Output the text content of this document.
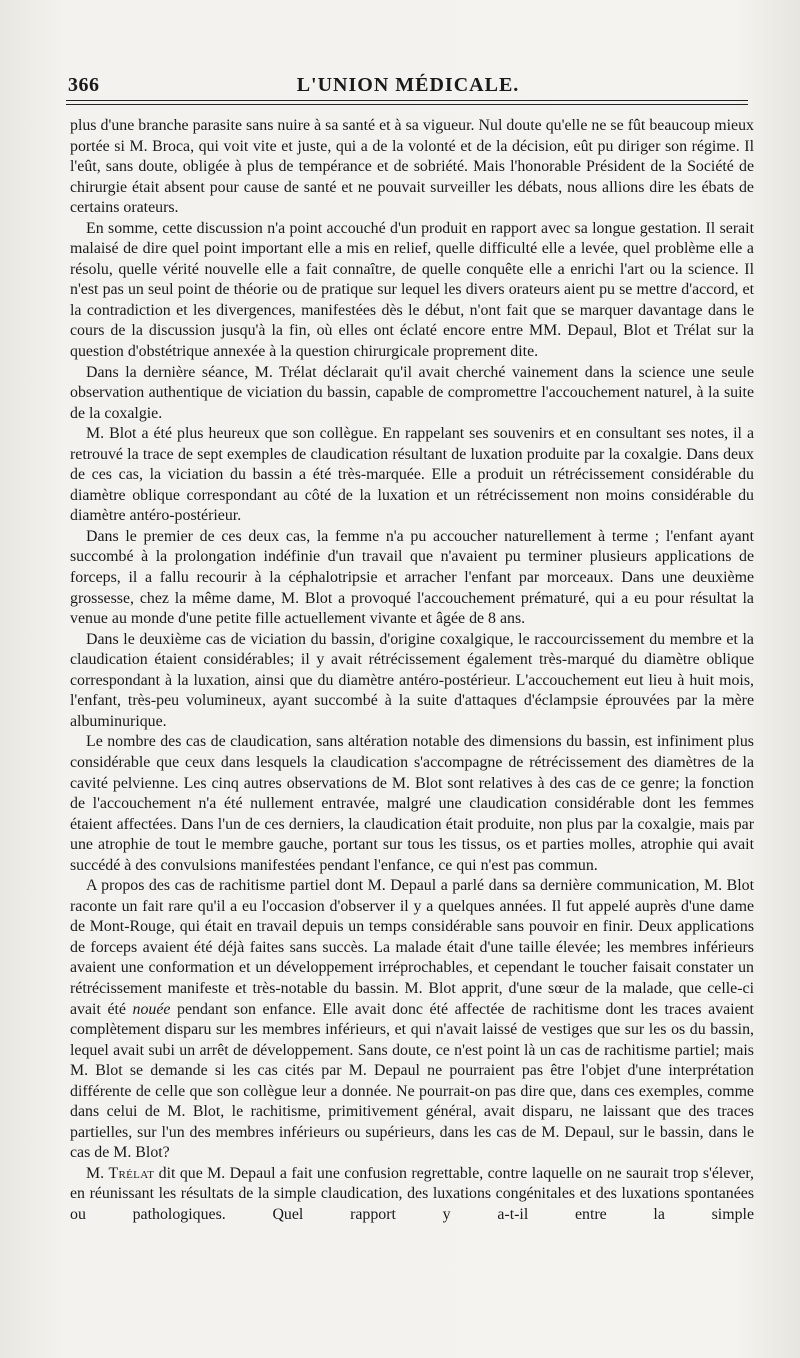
366	L'UNION MÉDICALE.

plus d'une branche parasite sans nuire à sa santé et à sa vigueur. Nul doute qu'elle ne se fût beaucoup mieux portée si M. Broca, qui voit vite et juste, qui a de la volonté et de la décision, eût pu diriger son régime. Il l'eût, sans doute, obligée à plus de tempérance et de sobriété. Mais l'honorable Président de la Société de chirurgie était absent pour cause de santé et ne pouvait surveiller les débats, nous allions dire les ébats de certains orateurs.

En somme, cette discussion n'a point accouché d'un produit en rapport avec sa longue gestation. Il serait malaisé de dire quel point important elle a mis en relief, quelle difficulté elle a levée, quel problème elle a résolu, quelle vérité nouvelle elle a fait connaître, de quelle conquête elle a enrichi l'art ou la science. Il n'est pas un seul point de théorie ou de pratique sur lequel les divers orateurs aient pu se mettre d'accord, et la contradiction et les divergences, manifestées dès le début, n'ont fait que se marquer davantage dans le cours de la discussion jusqu'à la fin, où elles ont éclaté encore entre MM. Depaul, Blot et Trélat sur la question d'obstétrique annexée à la question chirurgicale proprement dite.

Dans la dernière séance, M. Trélat déclarait qu'il avait cherché vainement dans la science une seule observation authentique de viciation du bassin, capable de compromettre l'accouchement naturel, à la suite de la coxalgie.

M. Blot a été plus heureux que son collègue. En rappelant ses souvenirs et en consultant ses notes, il a retrouvé la trace de sept exemples de claudication résultant de luxation produite par la coxalgie. Dans deux de ces cas, la viciation du bassin a été très-marquée. Elle a produit un rétrécissement considérable du diamètre oblique correspondant au côté de la luxation et un rétrécissement non moins considérable du diamètre antéro-postérieur.

Dans le premier de ces deux cas, la femme n'a pu accoucher naturellement à terme ; l'enfant ayant succombé à la prolongation indéfinie d'un travail que n'avaient pu terminer plusieurs applications de forceps, il a fallu recourir à la céphalotripsie et arracher l'enfant par morceaux. Dans une deuxième grossesse, chez la même dame, M. Blot a provoqué l'accouchement prématuré, qui a eu pour résultat la venue au monde d'une petite fille actuellement vivante et âgée de 8 ans.

Dans le deuxième cas de viciation du bassin, d'origine coxalgique, le raccourcissement du membre et la claudication étaient considérables; il y avait rétrécissement également très-marqué du diamètre oblique correspondant à la luxation, ainsi que du diamètre antéro-postérieur. L'accouchement eut lieu à huit mois, l'enfant, très-peu volumineux, ayant succombé à la suite d'attaques d'éclampsie éprouvées par la mère albuminurique.

Le nombre des cas de claudication, sans altération notable des dimensions du bassin, est infiniment plus considérable que ceux dans lesquels la claudication s'accompagne de rétrécissement des diamètres de la cavité pelvienne. Les cinq autres observations de M. Blot sont relatives à des cas de ce genre; la fonction de l'accouchement n'a été nullement entravée, malgré une claudication considérable dont les femmes étaient affectées. Dans l'un de ces derniers, la claudication était produite, non plus par la coxalgie, mais par une atrophie de tout le membre gauche, portant sur tous les tissus, os et parties molles, atrophie qui avait succédé à des convulsions manifestées pendant l'enfance, ce qui n'est pas commun.

A propos des cas de rachitisme partiel dont M. Depaul a parlé dans sa dernière communication, M. Blot raconte un fait rare qu'il a eu l'occasion d'observer il y a quelques années. Il fut appelé auprès d'une dame de Mont-Rouge, qui était en travail depuis un temps considérable sans pouvoir en finir. Deux applications de forceps avaient été déjà faites sans succès. La malade était d'une taille élevée; les membres inférieurs avaient une conformation et un développement irréprochables, et cependant le toucher faisait constater un rétrécissement manifeste et très-notable du bassin. M. Blot apprit, d'une sœur de la malade, que celle-ci avait été nouée pendant son enfance. Elle avait donc été affectée de rachitisme dont les traces avaient complètement disparu sur les membres inférieurs, et qui n'avait laissé de vestiges que sur les os du bassin, lequel avait subi un arrêt de développement. Sans doute, ce n'est point là un cas de rachitisme partiel; mais M. Blot se demande si les cas cités par M. Depaul ne pourraient pas être l'objet d'une interprétation différente de celle que son collègue leur a donnée. Ne pourrait-on pas dire que, dans ces exemples, comme dans celui de M. Blot, le rachitisme, primitivement général, avait disparu, ne laissant que des traces partielles, sur l'un des membres inférieurs ou supérieurs, dans les cas de M. Depaul, sur le bassin, dans le cas de M. Blot?

M. Trélat dit que M. Depaul a fait une confusion regrettable, contre laquelle on ne saurait trop s'élever, en réunissant les résultats de la simple claudication, des luxations congénitales et des luxations spontanées ou pathologiques. Quel rapport y a-t-il entre la simple
